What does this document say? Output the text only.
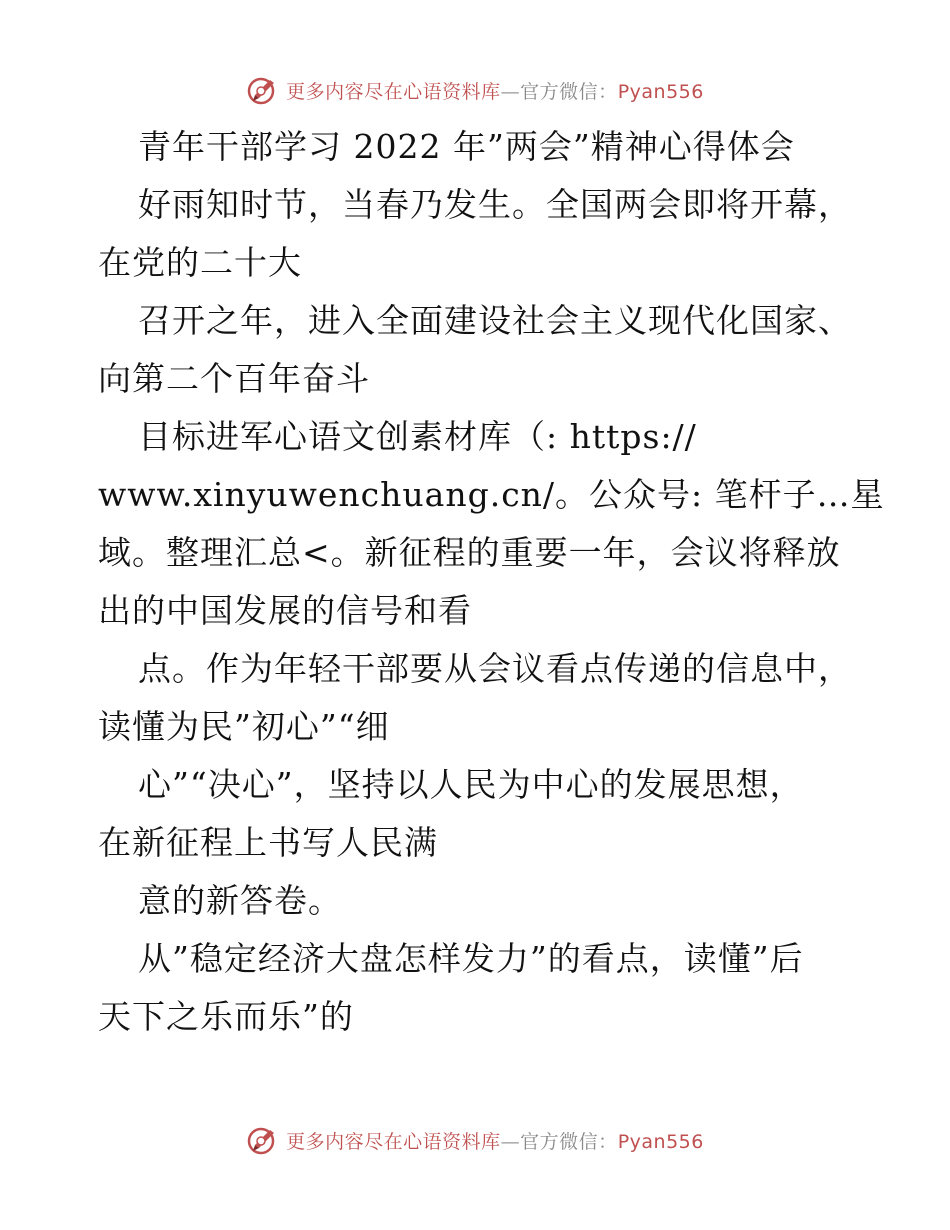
更多内容尽在心语资料库—官方微信：Pyan556
青年干部学习 2022 年”两会”精神心得体会
好雨知时节，当春乃发生。全国两会即将开幕，
在党的二十大
召开之年，进入全面建设社会主义现代化国家、
向第二个百年奋斗
目标进军心语文创素材库（: https://
www.xinyuwenchuang.cn/。公众号: 笔杆子…星
域。整理汇总<。新征程的重要一年，会议将释放
出的中国发展的信号和看
点。作为年轻干部要从会议看点传递的信息中，
读懂为民”初心”“细
心”“决心”，坚持以人民为中心的发展思想，
在新征程上书写人民满
意的新答卷。
从”稳定经济大盘怎样发力”的看点，读懂”后
天下之乐而乐”的
更多内容尽在心语资料库—官方微信：Pyan556
